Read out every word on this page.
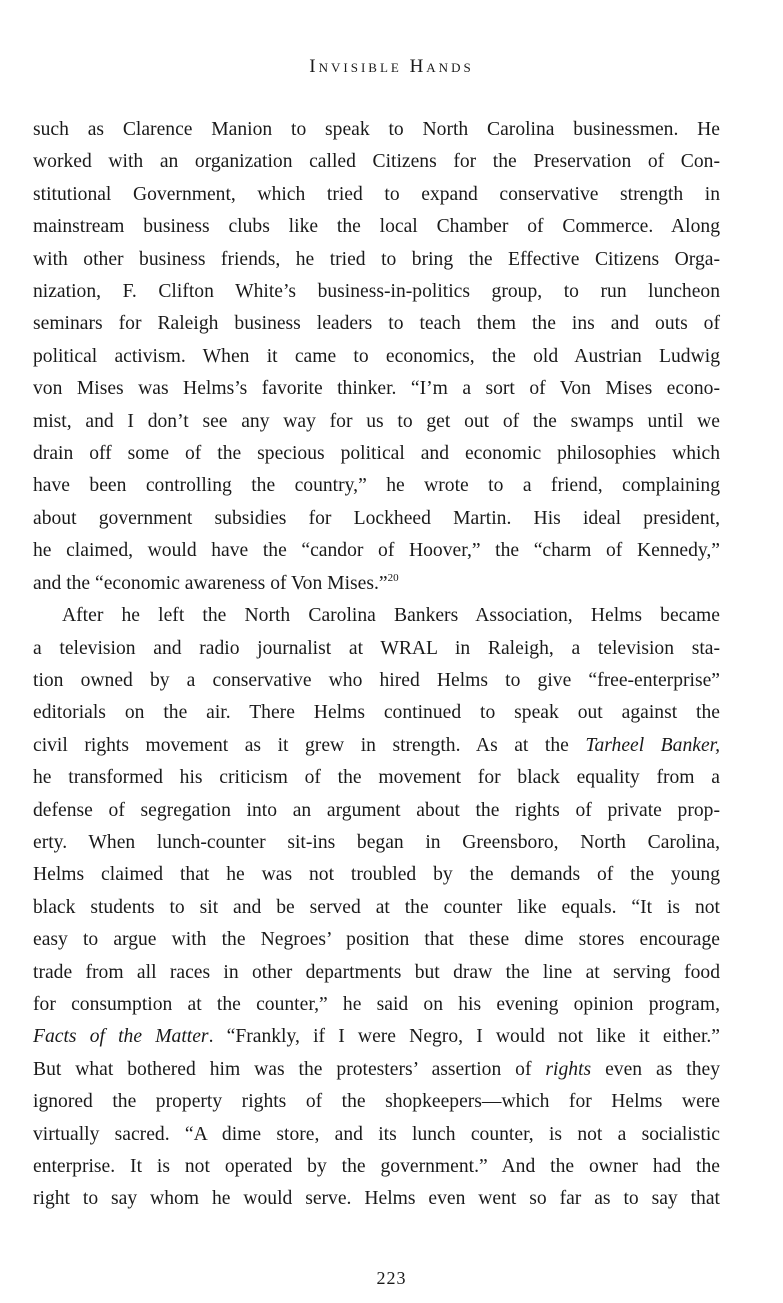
Invisible Hands

such as Clarence Manion to speak to North Carolina businessmen. He
worked with an organization called Citizens for the Preservation of Con-
stitutional Government, which tried to expand conservative strength in
mainstream business clubs like the local Chamber of Commerce. Along
with other business friends, he tried to bring the Effective Citizens Orga-
nization, F. Clifton White’s business-in-politics group, to run luncheon
seminars for Raleigh business leaders to teach them the ins and outs of
political activism. When it came to economics, the old Austrian Ludwig
von Mises was Helms’s favorite thinker. “I’m a sort of Von Mises econo-
mist, and I don’t see any way for us to get out of the swamps until we
drain off some of the specious political and economic philosophies which
have been controlling the country,” he wrote to a friend, complaining
about government subsidies for Lockheed Martin. His ideal president,
he claimed, would have the “candor of Hoover,” the “charm of Kennedy,”
and the “economic awareness of Von Mises.”$^{20}$

After he left the North Carolina Bankers Association, Helms became
a television and radio journalist at WRAL in Raleigh, a television sta-
tion owned by a conservative who hired Helms to give “free-enterprise”
editorials on the air. There Helms continued to speak out against the
civil rights movement as it grew in strength. As at the Tarheel Banker,
he transformed his criticism of the movement for black equality from a
defense of segregation into an argument about the rights of private prop-
erty. When lunch-counter sit-ins began in Greensboro, North Carolina,
Helms claimed that he was not troubled by the demands of the young
black students to sit and be served at the counter like equals. “It is not
easy to argue with the Negroes’ position that these dime stores encourage
trade from all races in other departments but draw the line at serving food
for consumption at the counter,” he said on his evening opinion program,
Facts of the Matter. “Frankly, if I were Negro, I would not like it either.”
But what bothered him was the protesters’ assertion of rights even as they
ignored the property rights of the shopkeepers—which for Helms were
virtually sacred. “A dime store, and its lunch counter, is not a socialistic
enterprise. It is not operated by the government.” And the owner had the
right to say whom he would serve. Helms even went so far as to say that

223
